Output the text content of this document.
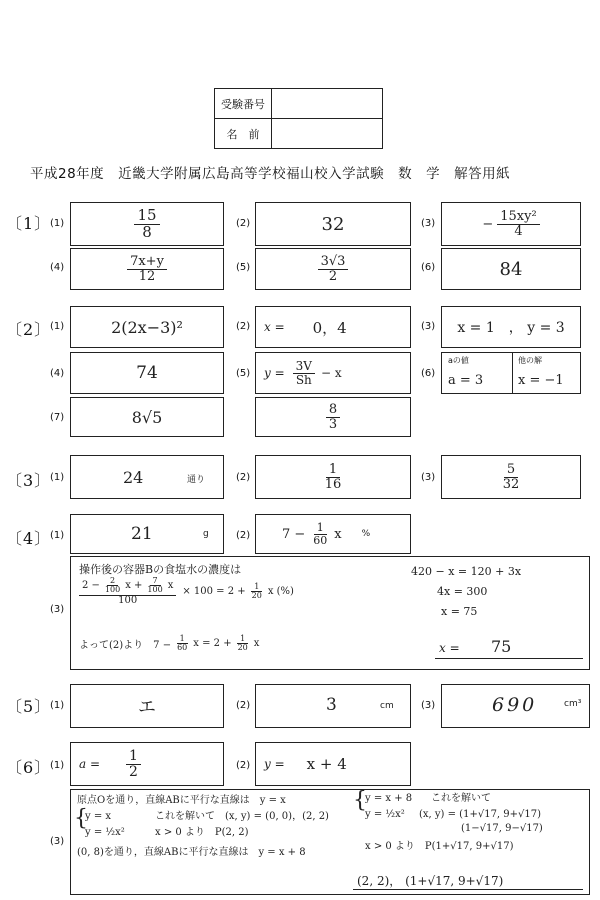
受験番号	
名　前	
平成28年度　近畿大学附属広島高等学校福山校入学試験　数　学　解答用紙
〔1〕
(1)	$\frac{15}{8}$	(2)	32	(3)	− $\frac{\text{15xy²}}{4}$
(4)	$\frac{7x+y}{12}$	(5)	$\frac{3√3}{2}$	(6)	84
〔2〕
(1)	2(2x−3)²	(2) x = 0，4	(3)	x = 1　， y = 3
(4)	74	(5) $y = \frac{3V}{Sh} - x$	(6)
aの値	他の解
a = 3	x = −1
(7)	8√5	$\frac{8}{3}$
〔3〕
(1)	24	通り	(2)	$\frac{1}{16}$	(3)	$\frac{5}{32}$
〔4〕
(1)	21	g	(2) $7 - \frac{1}{60}$ x %
(3)
操作後の容器Bの食塩水の濃度は
$\frac{2 - \frac{2}{100} x + \frac{7}{100} x}{100} \times 100 = 2 + \frac{1}{20}$ x (%)
よって(2)より　$7 - \frac{1}{60}$ $x = 2 + \frac{1}{20}$ x
420 − x = 120 + 3x
4x = 300
x = 75
x = 75
〔5〕
(1)	エ	(2)	3	cm	(3)	690	cm³
〔6〕
(1) $a = \frac{1}{2}$	(2) y = x + 4
(3)
原点Oを通り，直線ABに平行な直線は　y = x
{
y = x	これを解いて　(x, y) = (0, 0)，(2, 2)
y = ½x²	x > 0 より　P(2, 2)
(0, 8)を通り，直線ABに平行な直線は　y = x + 8
{
y = x + 8 これを解いて
y = ½x² (x, y) = (1+√17, 9+√17)
(1−√17, 9−√17)
x > 0 より　P(1+√17, 9+√17)
(2, 2)， (1+√17, 9+√17)
